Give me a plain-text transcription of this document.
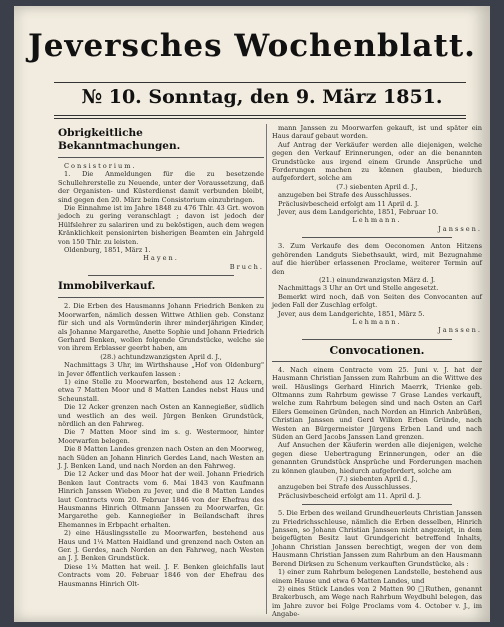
Jeversches Wochenblatt.
№ 10. Sonntag, den 9. März 1851.
Obrigkeitliche Bekanntmachungen.

Consistorium.

1. Die Anmeldungen für die zu besetzende Schullehrerstelle zu Neuende, unter der Voraussetzung, daß der Organisten- und Küsterdienst damit verbunden bleibt, sind gegen den 20. März beim Consistorium einzubringen.

Die Einnahme ist im Jahre 1848 zu 476 Thlr. 43 Grt. wovon jedoch zu gering veranschlagt ; davon ist jedoch der Hülfslehrer zu salariren und zu beköstigen, auch dem wegen Kränklichkeit pensionirten bisherigen Beamten ein Jahrgeld von 150 Thlr. zu leisten.

Oldenburg, 1851, März 1.

Hayen.

Bruch.

Immobilverkauf.

2. Die Erben des Hausmanns Johann Friedrich Benken zu Moorwarfen, nämlich dessen Wittwe Athlien geb. Constanz für sich und als Vormünderin ihrer minderjährigen Kinder, als Johanne Margarethe, Anette Sophie und Johann Friedrich Gerhard Benken, wollen folgende Grundstücke, welche sie von ihrem Erblasser geerbt haben, am

(28.) achtundzwanzigsten April d. J.,

Nachmittags 3 Uhr, im Wirthshause „Hof von Oldenburg" in Jever öffentlich verkaufen lassen :

1) eine Stelle zu Moorwarfen, bestehend aus 12 Ackern, etwa 7 Matten Moor und 8 Matten Landes nebst Haus und Scheunstall.

Die 12 Acker grenzen nach Osten an Kannegießer, südlich und westlich an des weil. Jürgen Benken Grundstück, nördlich an den Fahrweg.

Die 7 Matten Moor sind im s. g. Westermoor, hinter Moorwarfen belegen.

Die 8 Matten Landes grenzen nach Osten an den Moorweg, nach Süden an Johann Hinrich Gerdes Land, nach Westen an J. J. Benken Land, und nach Norden an den Fahrweg.

Die 12 Acker und das Moor hat der weil. Johann Friedrich Benken laut Contracts vom 6. Mai 1843 von Kaufmann Hinrich Janssen Wieben zu Jever, und die 8 Matten Landes laut Contracts vom 20. Februar 1846 von der Ehefrau des Hausmanns Hinrich Oltmann Janssen zu Moorwarfen, Gr. Margarethe geb. Kannegießer in Beilandschaft ihres Ehemannes in Erbpacht erhalten.

2) eine Häuslingsstelle zu Moorwarfen, bestehend aus Haus und 1¼ Matten Haidland und grenzend nach Osten an Ger. J. Gerdes, nach Norden an den Fahrweg, nach Westen an J. J. Benken Grundstück.

Diese 1¼ Matten hat weil. J. F. Benken gleichfalls laut Contracts vom 20. Februar 1846 von der Ehefrau des Hausmanns Hinrich Olt-

mann Janssen zu Moorwarfen gekauft, ist und später ein Haus darauf gebaut worden.

Auf Antrag der Verkäufer werden alle diejenigen, welche gegen den Verkauf Erinnerungen, oder an die benannten Grundstücke aus irgend einem Grunde Ansprüche und Forderungen machen zu können glauben, biedurch aufgefordert, solche am

(7.) siebenten April d. J.,

anzugeben bei Strafe des Ausschlusses.

Präclusivbescheid erfolgt am 11 April d. J.

Jever, aus dem Landgerichte, 1851, Februar 10.

Lehmann.

Janssen.

3. Zum Verkaufe des dem Oeconomen Anton Hitzens gehörenden Landguts Siebethsaukt, wird, mit Bezugnahme auf die hierüber erlassenen Proclame, weiterer Termin auf den

(21.) einundzwanzigsten März d. J.

Nachmittags 3 Uhr an Ort und Stelle angesetzt.

Bemerkt wird noch, daß von Seiten des Convocanten auf jeden Fall der Zuschlag erfolgt.

Jever, aus dem Landgerichte, 1851, März 5.

Lehmann.

Janssen.

Convocationen.

4. Nach einem Contracte vom 25. Juni v. J. hat der Hausmann Christian Janssen zum Rahrbum an die Wittwe des weil. Häuslings Gerhard Hinrich Maerrk, Trienke geb. Oltmanns zum Rahrbum gewisse 7 Grase Landes verkauft, welche zum Rahrbum belegen sind und nach Osten an Carl Eilers Gemeinen Gründen, nach Norden an Hinrich Anbrüßen, Christian Janssen und Gerd Wilken Erben Gründe, nach Westen an Bürgermeister Jürgens Erben Land und nach Süden an Gerd Jacobs Janssen Land grenzen.

Auf Ansuchen der Käuferin werden alle diejenigen, welche gegen diese Uebertragung Erinnerungen, oder an die genannten Grundstück Ansprüche und Forderungen machen zu können glauben, hiedurch aufgefordert, solche am

(7.) siebenten April d. J.,

anzugeben bei Strafe des Ausschlusses.

Präclusivbescheid erfolgt am 11. April d. J.

5. Die Erben des weiland Grundheuerleuts Christian Janssen zu Friedrichsschleuse, nämlich die Erben desselben, Hinrich Janssen, so Johann Christian Janssen nicht angezeigt, in dem beigefügten Besitz laut Grundgericht betreffend Inhalts, Johann Christian Janssen berechtigt, wegen der von dem Hausmann Christian Janssen zum Rahrbum an den Hausmann Berend Dirksen zu Schenum verkauften Grundstücke, als :

1) einer zum Rahrbum belegenen Landstelle, bestehend aus einem Hause und etwa 6 Matten Landes, und

2) eines Stück Landes von 2 Matten 90 □Ruthen, genannt Brakerbusch, am Wege nach Rahrbum Weydbuhl belegen, das im Jahre zuvor bei Folge Proclams vom 4. October v. J., im Angabe-
